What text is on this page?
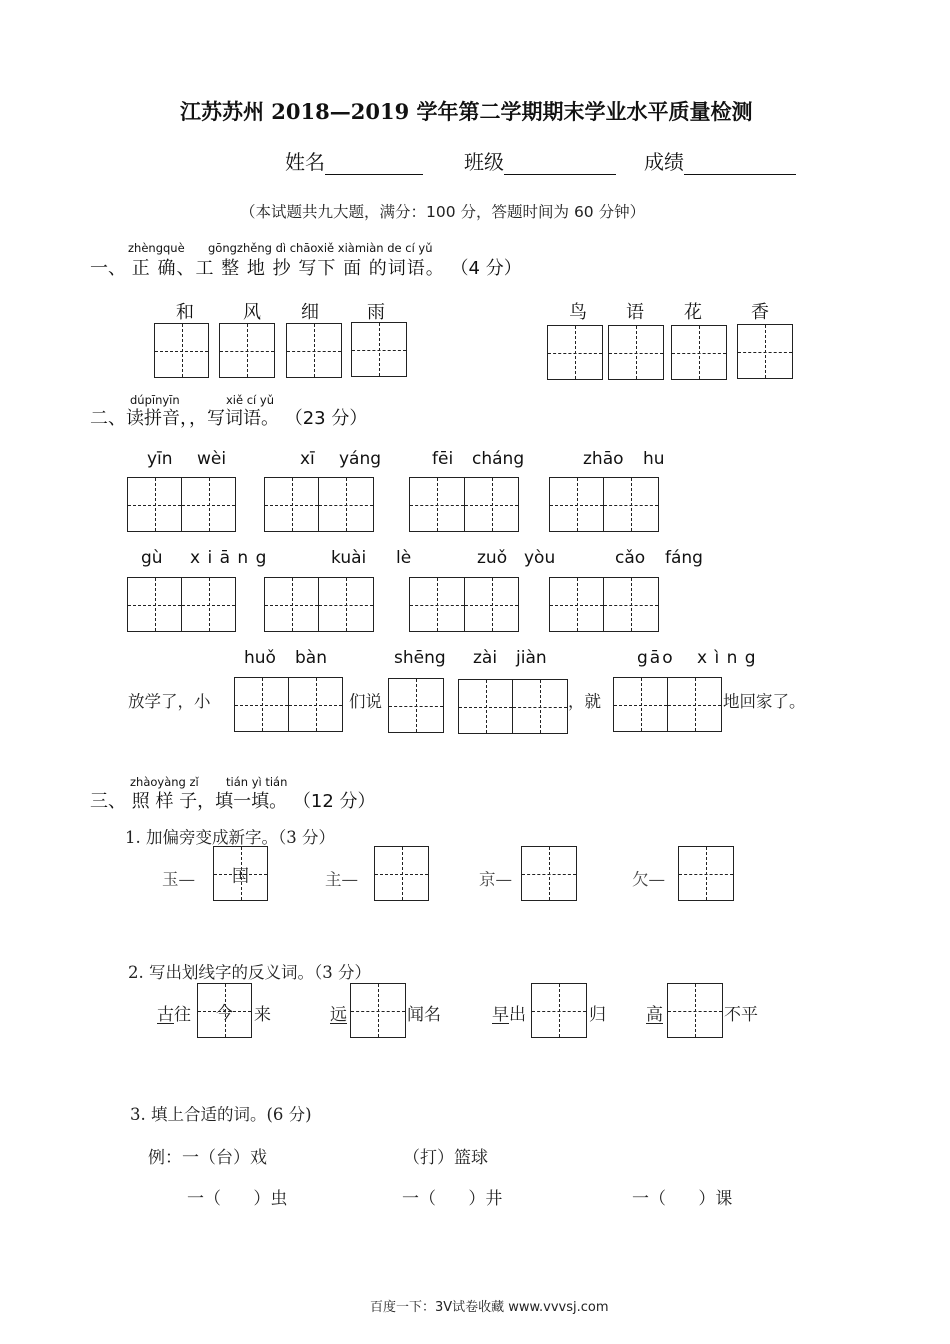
江苏苏州 2018—2019 学年第二学期期末学业水平质量检测
姓名	班级	成绩
（本试题共九大题，满分：100 分，答题时间为 60 分钟）
zhèngquè gōngzhěng dì chāoxiě xiàmiàn de cí yǔ
一、 正 确、工 整 地 抄 写下 面 的词语。 （4 分）
和	风 细	雨	鸟 语 花	香
dúpīnyīn	xiě cí yǔ
二、读拼音，，写词语。 （23 分）
yīn wèi	xī yáng	fēi cháng	zhāo hu
gù x i ā n g	kuài lè	zuǒ yòu	cǎo fáng
huǒ bàn	shēng zài jiàn	gāo x ì n g
放学了，小	们说	，就	地回家了。
zhàoyàng zǐ tián yì tián
三、 照 样 子，填一填。 （12 分）
1. 加偏旁变成新字。（3 分）
玉—	国	主—	京—	欠—
2. 写出划线字的反义词。（3 分）
古往	今	来	远	闻名	早出	归 高	不平
3. 填上合适的词。(6 分)
例：一（台）戏	（打）篮球
一（      ）虫	一（      ）井	一（      ）课
百度一下：3V试卷收藏 www.vvvsj.com
